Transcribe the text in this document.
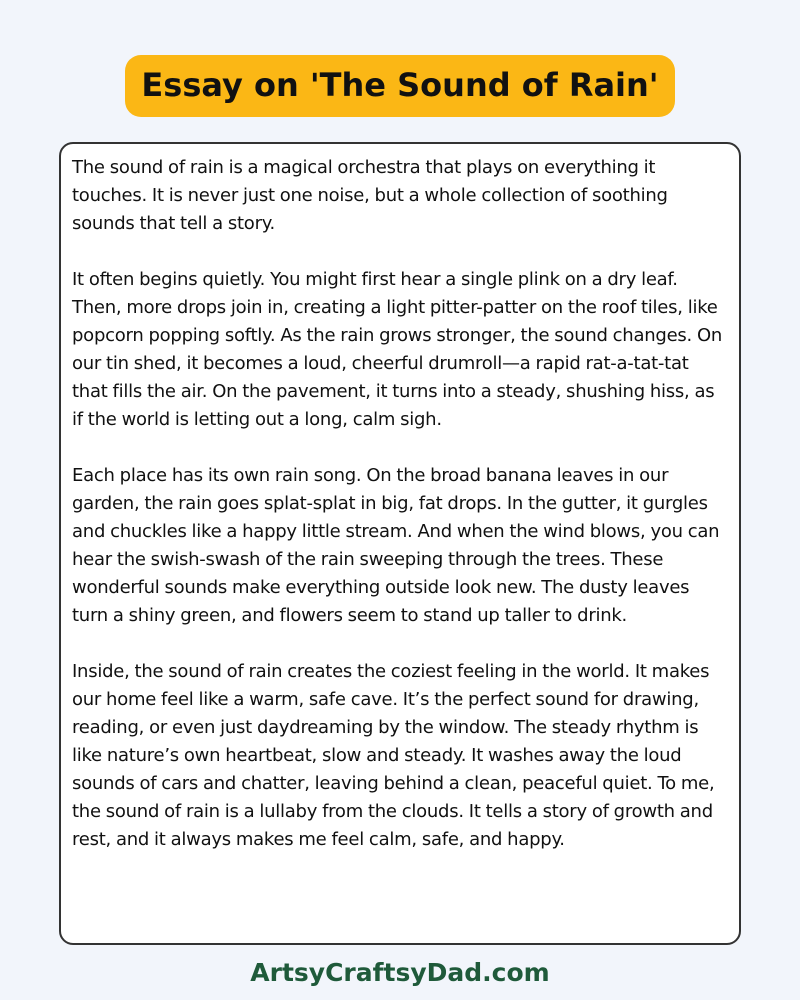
Essay on 'The Sound of Rain'

The sound of rain is a magical orchestra that plays on everything it touches. It is never just one noise, but a whole collection of soothing sounds that tell a story.

It often begins quietly. You might first hear a single plink on a dry leaf. Then, more drops join in, creating a light pitter-patter on the roof tiles, like popcorn popping softly. As the rain grows stronger, the sound changes. On our tin shed, it becomes a loud, cheerful drumroll—a rapid rat-a-tat-tat that fills the air. On the pavement, it turns into a steady, shushing hiss, as if the world is letting out a long, calm sigh.

Each place has its own rain song. On the broad banana leaves in our garden, the rain goes splat-splat in big, fat drops. In the gutter, it gurgles and chuckles like a happy little stream. And when the wind blows, you can hear the swish-swash of the rain sweeping through the trees. These wonderful sounds make everything outside look new. The dusty leaves turn a shiny green, and flowers seem to stand up taller to drink.

Inside, the sound of rain creates the coziest feeling in the world. It makes our home feel like a warm, safe cave. It’s the perfect sound for drawing, reading, or even just daydreaming by the window. The steady rhythm is like nature’s own heartbeat, slow and steady. It washes away the loud sounds of cars and chatter, leaving behind a clean, peaceful quiet. To me, the sound of rain is a lullaby from the clouds. It tells a story of growth and rest, and it always makes me feel calm, safe, and happy.

ArtsyCraftsyDad.com
